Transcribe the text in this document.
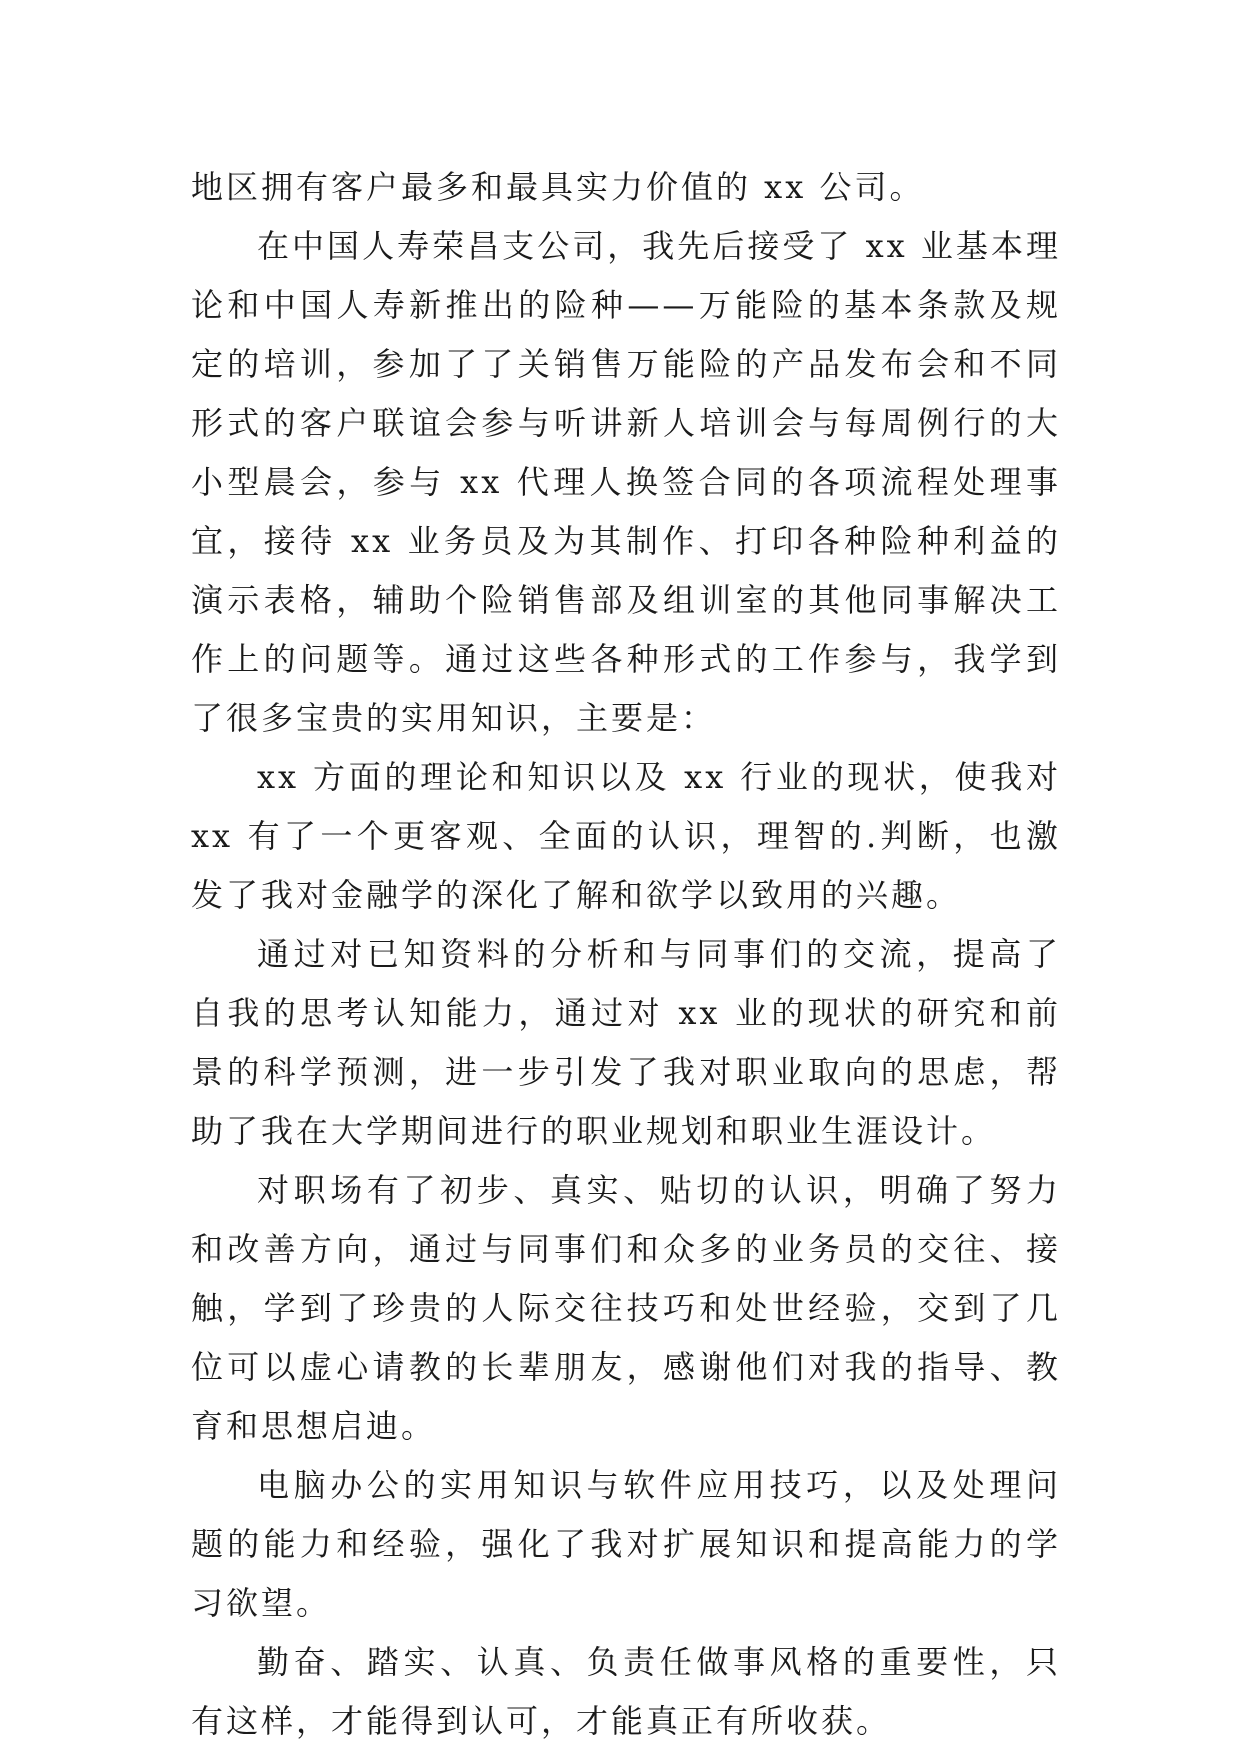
地区拥有客户最多和最具实力价值的 xx 公司。

在中国人寿荣昌支公司，我先后接受了 xx 业基本理论和中国人寿新推出的险种——万能险的基本条款及规定的培训，参加了了关销售万能险的产品发布会和不同形式的客户联谊会参与听讲新人培训会与每周例行的大小型晨会，参与 xx 代理人换签合同的各项流程处理事宜，接待 xx 业务员及为其制作、打印各种险种利益的演示表格，辅助个险销售部及组训室的其他同事解决工作上的问题等。通过这些各种形式的工作参与，我学到了很多宝贵的实用知识，主要是：

xx 方面的理论和知识以及 xx 行业的现状，使我对 xx 有了一个更客观、全面的认识，理智的.判断，也激发了我对金融学的深化了解和欲学以致用的兴趣。

通过对已知资料的分析和与同事们的交流，提高了自我的思考认知能力，通过对 xx 业的现状的研究和前景的科学预测，进一步引发了我对职业取向的思虑，帮助了我在大学期间进行的职业规划和职业生涯设计。

对职场有了初步、真实、贴切的认识，明确了努力和改善方向，通过与同事们和众多的业务员的交往、接触，学到了珍贵的人际交往技巧和处世经验，交到了几位可以虚心请教的长辈朋友，感谢他们对我的指导、教育和思想启迪。

电脑办公的实用知识与软件应用技巧，以及处理问题的能力和经验，强化了我对扩展知识和提高能力的学习欲望。

勤奋、踏实、认真、负责任做事风格的重要性，只有这样，才能得到认可，才能真正有所收获。
